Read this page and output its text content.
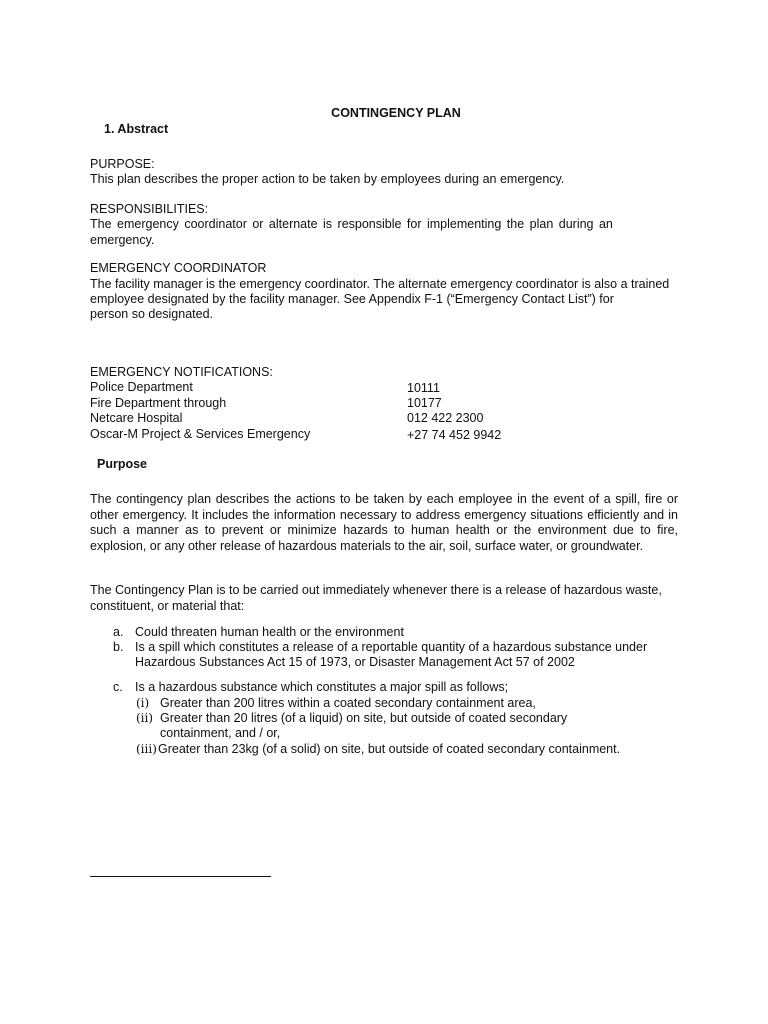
CONTINGENCY PLAN

1. Abstract

PURPOSE:

This plan describes the proper action to be taken by employees during an emergency.

RESPONSIBILITIES:

The emergency coordinator or alternate is responsible for implementing the plan during an

emergency.

EMERGENCY COORDINATOR

The facility manager is the emergency coordinator. The alternate emergency coordinator is also a trained

employee designated by the facility manager. See Appendix F-1 (“Emergency Contact List”) for

person so designated.

EMERGENCY NOTIFICATIONS:

Police Department	10111
Fire Department through	10177
Netcare Hospital	012 422 2300
Oscar-M Project & Services Emergency	+27 74 452 9942

Purpose

The contingency plan describes the actions to be taken by each employee in the event of a spill, fire or other emergency. It includes the information necessary to address emergency situations efficiently and in such a manner as to prevent or minimize hazards to human health or the environment due to fire, explosion, or any other release of hazardous materials to the air, soil, surface water, or groundwater.

The Contingency Plan is to be carried out immediately whenever there is a release of hazardous waste, constituent, or material that:

a. Could threaten human health or the environment
b. Is a spill which constitutes a release of a reportable quantity of a hazardous substance under
Hazardous Substances Act 15 of 1973, or Disaster Management Act 57 of 2002
c. Is a hazardous substance which constitutes a major spill as follows;
(i) Greater than 200 litres within a coated secondary containment area,
(ii) Greater than 20 litres (of a liquid) on site, but outside of coated secondary
containment, and / or,
(iii) Greater than 23kg (of a solid) on site, but outside of coated secondary containment.
